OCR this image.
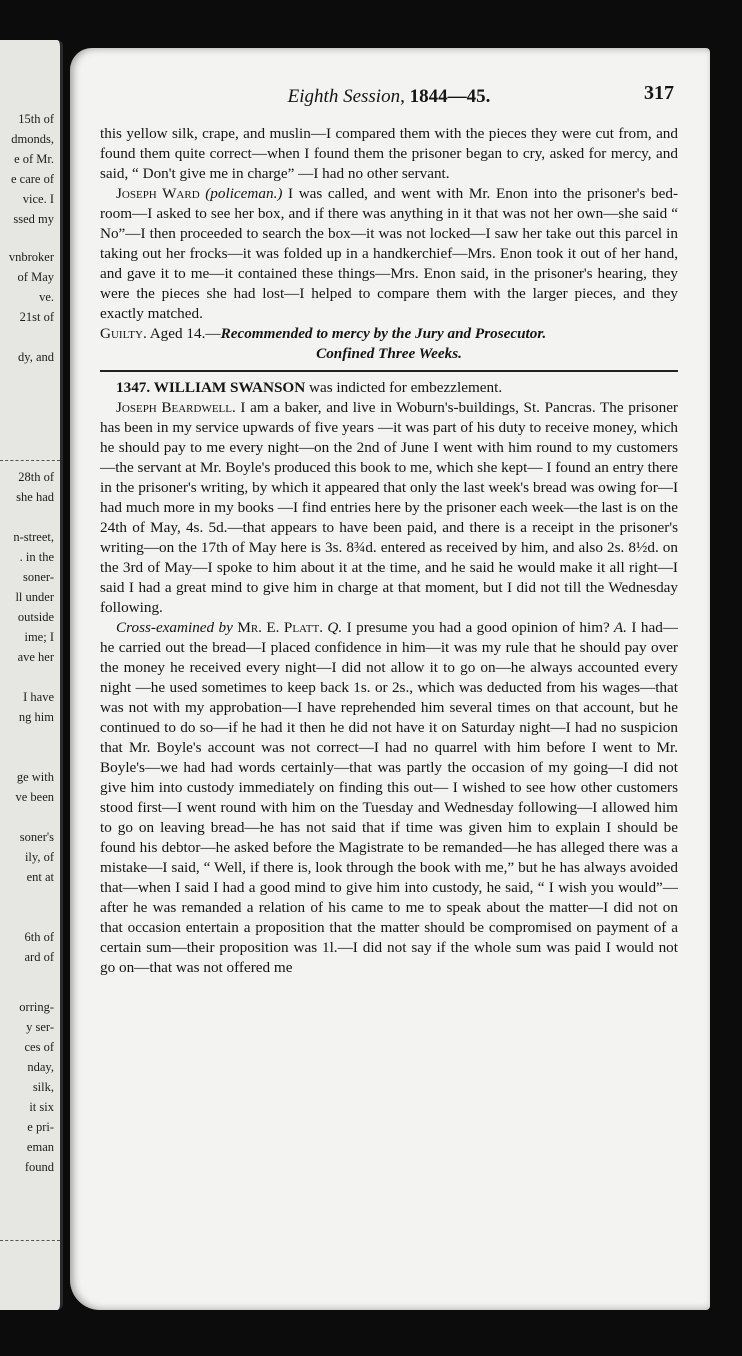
15th of
dmonds,
e of Mr.
e care of
vice. I
ssed my
vnbroker
of May
ve.
21st of
dy, and
28th of
she had
n-street,
. in the
soner-
ll under
outside
ime; I
ave her
I have
ng him
ge with
ve been
soner's
ily, of
ent at
6th of
ard of
orring-
y ser-
ces of
nday,
silk,
it six
e pri-
eman
found
Eighth Session, 1844—45.	317

this yellow silk, crape, and muslin—I compared them with the pieces they were cut from, and found them quite correct—when I found them the prisoner began to cry, asked for mercy, and said, “ Don't give me in charge” —I had no other servant.

Joseph Ward (policeman.) I was called, and went with Mr. Enon into the prisoner's bed-room—I asked to see her box, and if there was anything in it that was not her own—she said “ No”—I then proceeded to search the box—it was not locked—I saw her take out this parcel in taking out her frocks—it was folded up in a handkerchief—Mrs. Enon took it out of her hand, and gave it to me—it contained these things—Mrs. Enon said, in the prisoner's hearing, they were the pieces she had lost—I helped to compare them with the larger pieces, and they exactly matched.

Guilty. Aged 14.—Recommended to mercy by the Jury and Prosecutor.

Confined Three Weeks.

1347. WILLIAM SWANSON was indicted for embezzlement.

Joseph Beardwell. I am a baker, and live in Woburn's-buildings, St. Pancras. The prisoner has been in my service upwards of five years —it was part of his duty to receive money, which he should pay to me every night—on the 2nd of June I went with him round to my customers —the servant at Mr. Boyle's produced this book to me, which she kept— I found an entry there in the prisoner's writing, by which it appeared that only the last week's bread was owing for—I had much more in my books —I find entries here by the prisoner each week—the last is on the 24th of May, 4s. 5d.—that appears to have been paid, and there is a receipt in the prisoner's writing—on the 17th of May here is 3s. 8¾d. entered as received by him, and also 2s. 8½d. on the 3rd of May—I spoke to him about it at the time, and he said he would make it all right—I said I had a great mind to give him in charge at that moment, but I did not till the Wednesday following.

Cross-examined by Mr. E. Platt. Q. I presume you had a good opinion of him? A. I had—he carried out the bread—I placed confidence in him—it was my rule that he should pay over the money he received every night—I did not allow it to go on—he always accounted every night —he used sometimes to keep back 1s. or 2s., which was deducted from his wages—that was not with my approbation—I have reprehended him several times on that account, but he continued to do so—if he had it then he did not have it on Saturday night—I had no suspicion that Mr. Boyle's account was not correct—I had no quarrel with him before I went to Mr. Boyle's—we had had words certainly—that was partly the occasion of my going—I did not give him into custody immediately on finding this out— I wished to see how other customers stood first—I went round with him on the Tuesday and Wednesday following—I allowed him to go on leaving bread—he has not said that if time was given him to explain I should be found his debtor—he asked before the Magistrate to be remanded—he has alleged there was a mistake—I said, “ Well, if there is, look through the book with me,” but he has always avoided that—when I said I had a good mind to give him into custody, he said, “ I wish you would”—after he was remanded a relation of his came to me to speak about the matter—I did not on that occasion entertain a proposition that the matter should be compromised on payment of a certain sum—their proposition was 1l.—I did not say if the whole sum was paid I would not go on—that was not offered me
